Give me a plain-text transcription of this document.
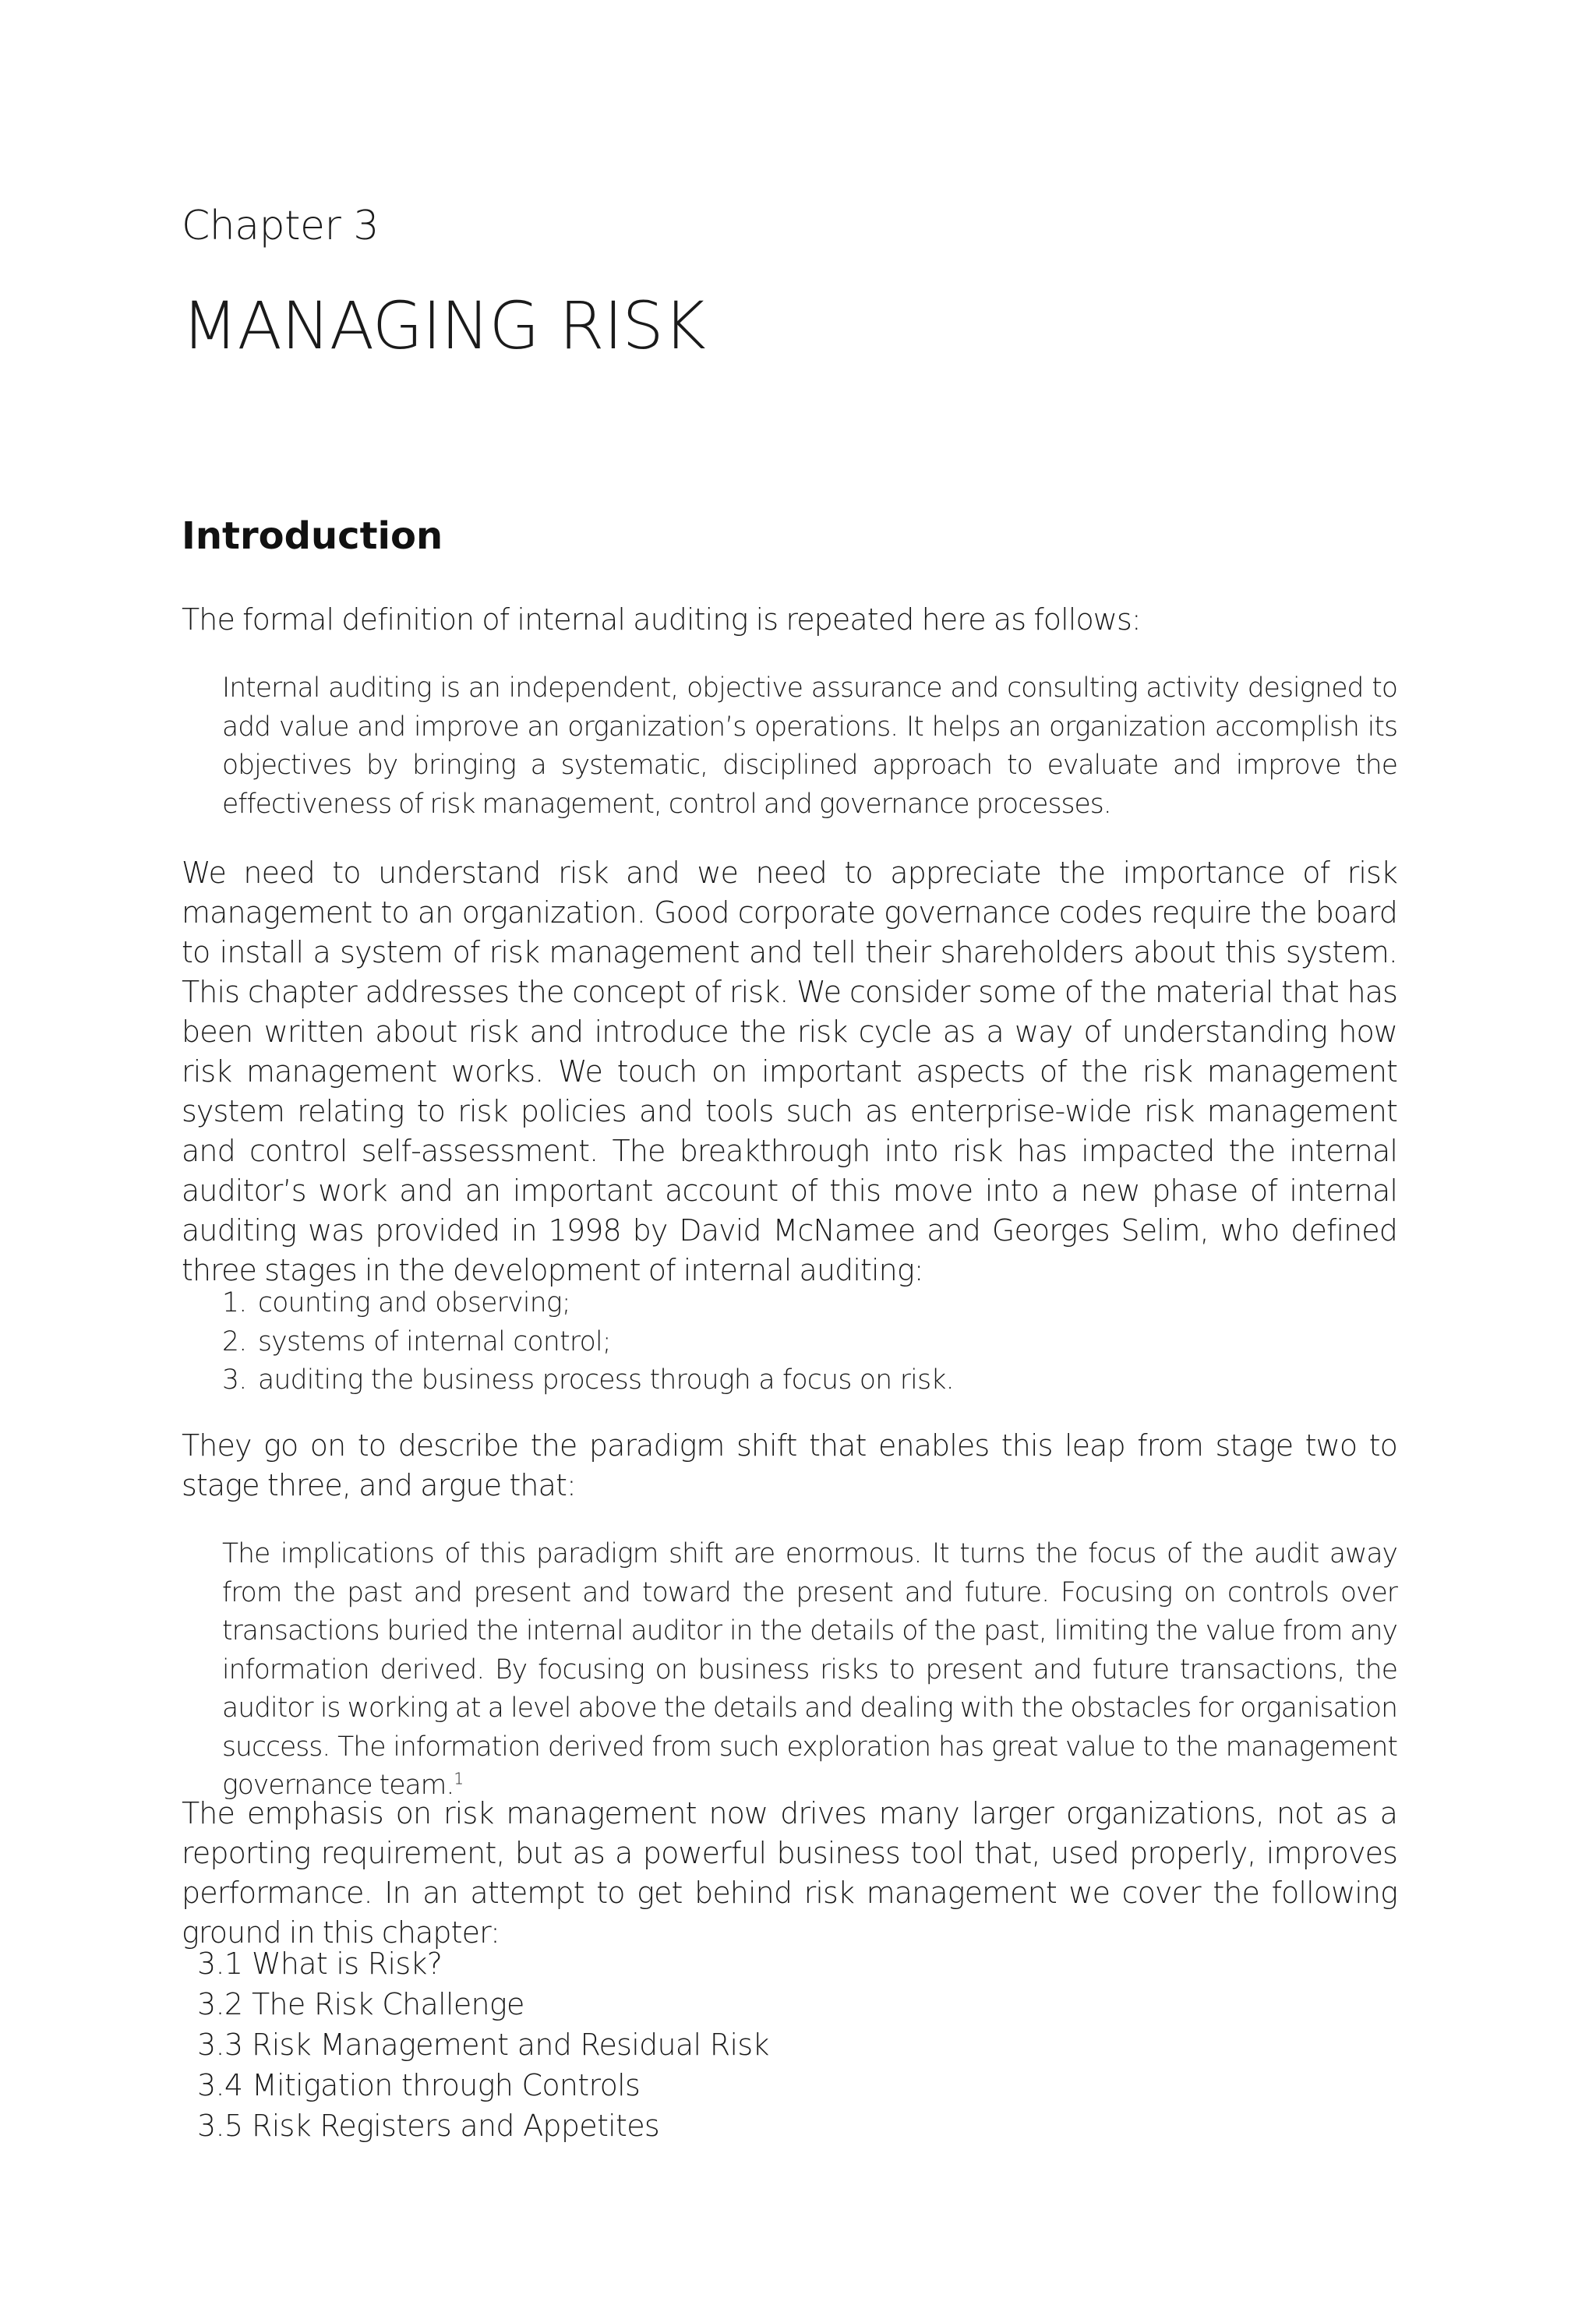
Chapter 3
MANAGING RISK
Introduction

The formal definition of internal auditing is repeated here as follows:

Internal auditing is an independent, objective assurance and consulting activity designed to add value and improve an organization’s operations. It helps an organization accomplish its objectives by bringing a systematic, disciplined approach to evaluate and improve the effectiveness of risk management, control and governance processes.

We need to understand risk and we need to appreciate the importance of risk management to an organization. Good corporate governance codes require the board to install a system of risk management and tell their shareholders about this system. This chapter addresses the concept of risk. We consider some of the material that has been written about risk and introduce the risk cycle as a way of understanding how risk management works. We touch on important aspects of the risk management system relating to risk policies and tools such as enterprise-wide risk management and control self-assessment. The breakthrough into risk has impacted the internal auditor’s work and an important account of this move into a new phase of internal auditing was provided in 1998 by David McNamee and Georges Selim, who defined three stages in the development of internal auditing:

1. counting and observing;
2. systems of internal control;
3. auditing the business process through a focus on risk.

They go on to describe the paradigm shift that enables this leap from stage two to stage three, and argue that:

The implications of this paradigm shift are enormous. It turns the focus of the audit away from the past and present and toward the present and future. Focusing on controls over transactions buried the internal auditor in the details of the past, limiting the value from any information derived. By focusing on business risks to present and future transactions, the auditor is working at a level above the details and dealing with the obstacles for organisation success. The information derived from such exploration has great value to the management governance team.$^1$

The emphasis on risk management now drives many larger organizations, not as a reporting requirement, but as a powerful business tool that, used properly, improves performance. In an attempt to get behind risk management we cover the following ground in this chapter:

3.1 What is Risk?
3.2 The Risk Challenge
3.3 Risk Management and Residual Risk
3.4 Mitigation through Controls
3.5 Risk Registers and Appetites
